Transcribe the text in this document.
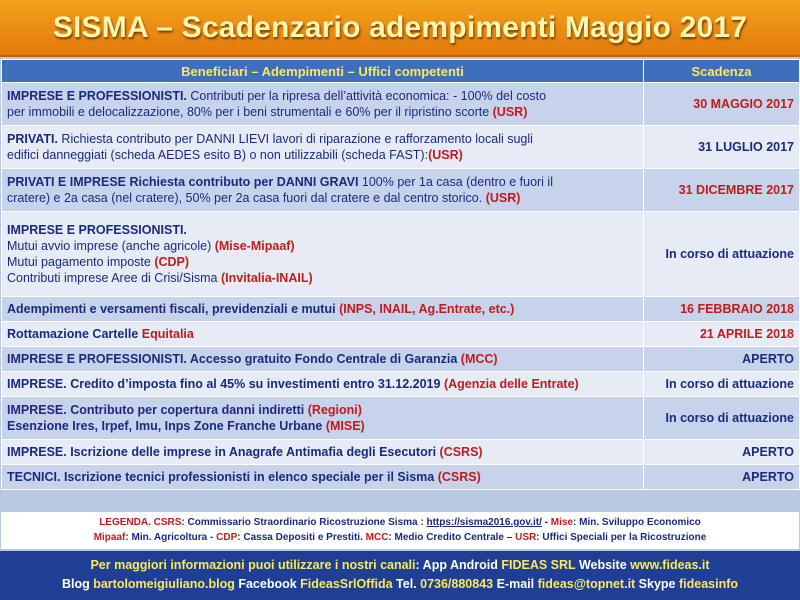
SISMA – Scadenzario adempimenti Maggio 2017
Beneficiari – Adempimenti – Uffici competenti	Scadenza

IMPRESE E PROFESSIONISTI. Contributi per la ripresa dell’attività economica: - 100% del costo
per immobili e delocalizzazione, 80% per i beni strumentali e 60% per il ripristino scorte (USR)	30 MAGGIO 2017

PRIVATI. Richiesta contributo per DANNI LIEVI lavori di riparazione e rafforzamento locali sugli
edifici danneggiati (scheda AEDES esito B) o non utilizzabili (scheda FAST):(USR)	31 LUGLIO 2017

PRIVATI E IMPRESE Richiesta contributo per DANNI GRAVI 100% per 1a casa (dentro e fuori il
cratere) e 2a casa (nel cratere), 50% per 2a casa fuori dal cratere e dal centro storico. (USR)	31 DICEMBRE 2017

IMPRESE E PROFESSIONISTI.
Mutui avvio imprese (anche agricole) (Mise-Mipaaf)
Mutui pagamento imposte (CDP)
Contributi imprese Aree di Crisi/Sisma (Invitalia-INAIL)	In corso di attuazione

Adempimenti e versamenti fiscali, previdenziali e mutui (INPS, INAIL, Ag.Entrate, etc.)	16 FEBBRAIO 2018

Rottamazione Cartelle Equitalia	21 APRILE 2018

IMPRESE E PROFESSIONISTI. Accesso gratuito Fondo Centrale di Garanzia (MCC)	APERTO

IMPRESE. Credito d’imposta fino al 45% su investimenti entro 31.12.2019 (Agenzia delle Entrate)	In corso di attuazione

IMPRESE. Contributo per copertura danni indiretti (Regioni)
Esenzione Ires, Irpef, Imu, Inps Zone Franche Urbane (MISE)	In corso di attuazione

IMPRESE. Iscrizione delle imprese in Anagrafe Antimafia degli Esecutori (CSRS)	APERTO

TECNICI. Iscrizione tecnici professionisti in elenco speciale per il Sisma (CSRS)	APERTO
LEGENDA. CSRS: Commissario Straordinario Ricostruzione Sisma : https://sisma2016.gov.it/ - Mise: Min. Sviluppo Economico
Mipaaf: Min. Agricoltura - CDP: Cassa Depositi e Prestiti. MCC: Medio Credito Centrale – USR: Uffici Speciali per la Ricostruzione
Per maggiori informazioni puoi utilizzare i nostri canali: App Android FIDEAS SRL Website www.fideas.it
Blog bartolomeigiuliano.blog Facebook FideasSrlOffida Tel. 0736/880843 E-mail fideas@topnet.it Skype fideasinfo
